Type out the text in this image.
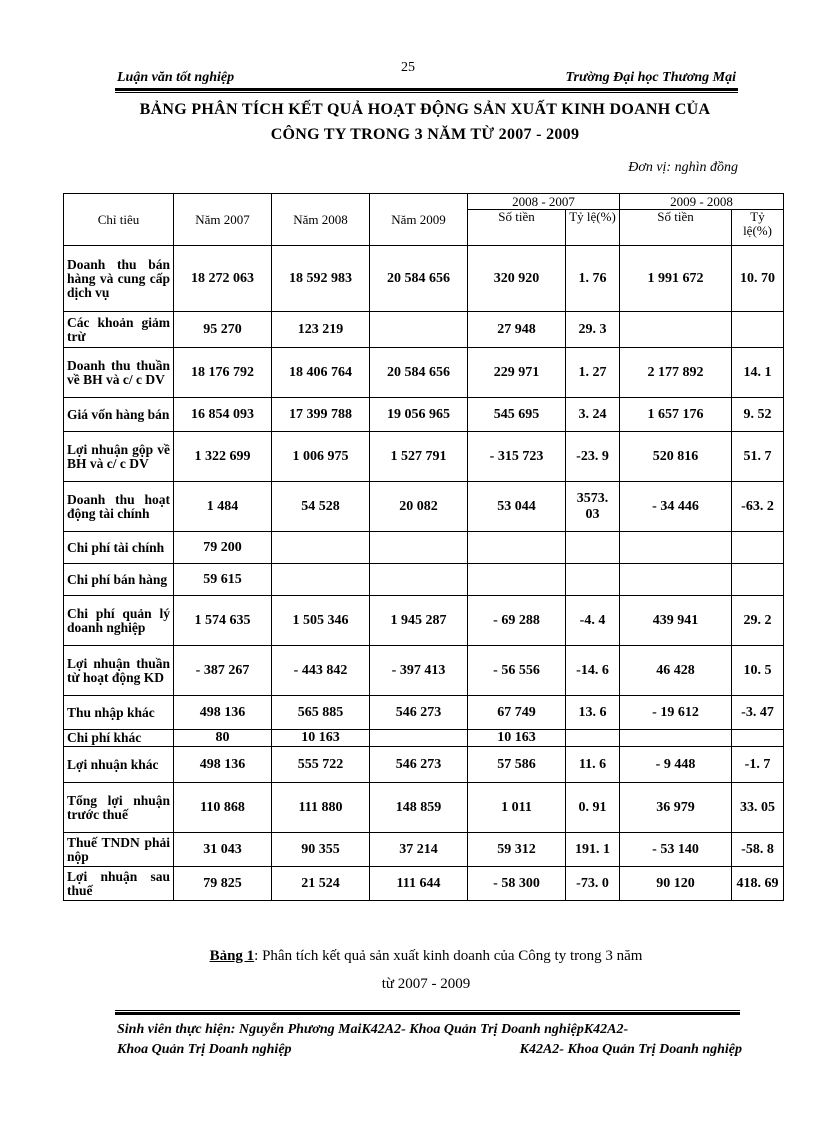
25
Luận văn tốt nghiệp	Trường Đại học Thương Mại
BẢNG PHÂN TÍCH KẾT QUẢ HOẠT ĐỘNG SẢN XUẤT KINH DOANH CỦA
CÔNG TY TRONG 3 NĂM TỪ 2007 - 2009
Đơn vị: nghìn đồng
Chỉ tiêu	Năm 2007	Năm 2008	Năm 2009	2008 - 2007		2009 - 2008	
				Số tiền	Tỷ lệ(%)	Số tiền	Tỷ lệ(%)
Doanh thu bán hàng và cung cấp dịch vụ	18 272 063	18 592 983	20 584 656	320 920	1. 76	1 991 672	10. 70
Các khoản giảm trừ	95 270	123 219		27 948	29. 3		
Doanh thu thuần về BH và c/ c DV	18 176 792	18 406 764	20 584 656	229 971	1. 27	2 177 892	14. 1
Giá vốn hàng bán	16 854 093	17 399 788	19 056 965	545 695	3. 24	1 657 176	9. 52
Lợi nhuận gộp về BH và c/ c DV	1 322 699	1 006 975	1 527 791	- 315 723	-23. 9	520 816	51. 7
Doanh thu hoạt động tài chính	1 484	54 528	20 082	53 044	3573. 03	- 34 446	-63. 2
Chi phí tài chính	79 200						
Chi phí bán hàng	59 615						
Chi phí quản lý doanh nghiệp	1 574 635	1 505 346	1 945 287	- 69 288	-4. 4	439 941	29. 2
Lợi nhuận thuần từ hoạt động KD	- 387 267	- 443 842	- 397 413	- 56 556	-14. 6	46 428	10. 5
Thu nhập khác	498 136	565 885	546 273	67 749	13. 6	- 19 612	-3. 47
Chi phí khác	80	10 163		10 163			
Lợi nhuận khác	498 136	555 722	546 273	57 586	11. 6	- 9 448	-1. 7
Tổng lợi nhuận trước thuế	110 868	111 880	148 859	1 011	0. 91	36 979	33. 05
Thuế TNDN phải nộp	31 043	90 355	37 214	59 312	191. 1	- 53 140	-58. 8
Lợi nhuận sau thuế	79 825	21 524	111 644	- 58 300	-73. 0	90 120	418. 69
Bảng 1: Phân tích kết quả sản xuất kinh doanh của Công ty trong 3 năm
từ 2007 - 2009
Sinh viên thực hiện: Nguyễn Phương MaiK42A2- Khoa Quản Trị Doanh nghiệpK42A2-
Khoa Quản Trị Doanh nghiệp	K42A2- Khoa Quản Trị Doanh nghiệp
